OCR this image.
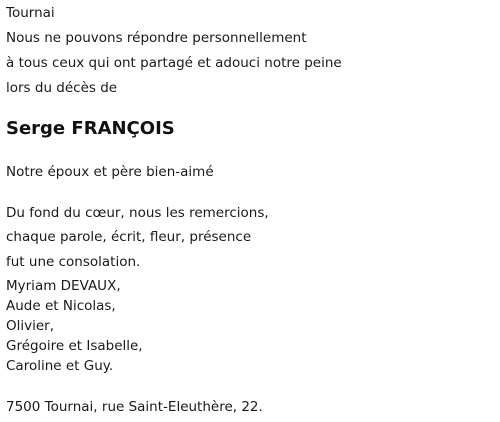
Tournai
Nous ne pouvons répondre personnellement
à tous ceux qui ont partagé et adouci notre peine
lors du décès de
Serge FRANÇOIS
Notre époux et père bien-aimé
Du fond du cœur, nous les remercions,
chaque parole, écrit, fleur, présence
fut une consolation.
Myriam DEVAUX,
Aude et Nicolas,
Olivier,
Grégoire et Isabelle,
Caroline et Guy.
7500 Tournai, rue Saint-Eleuthère, 22.
